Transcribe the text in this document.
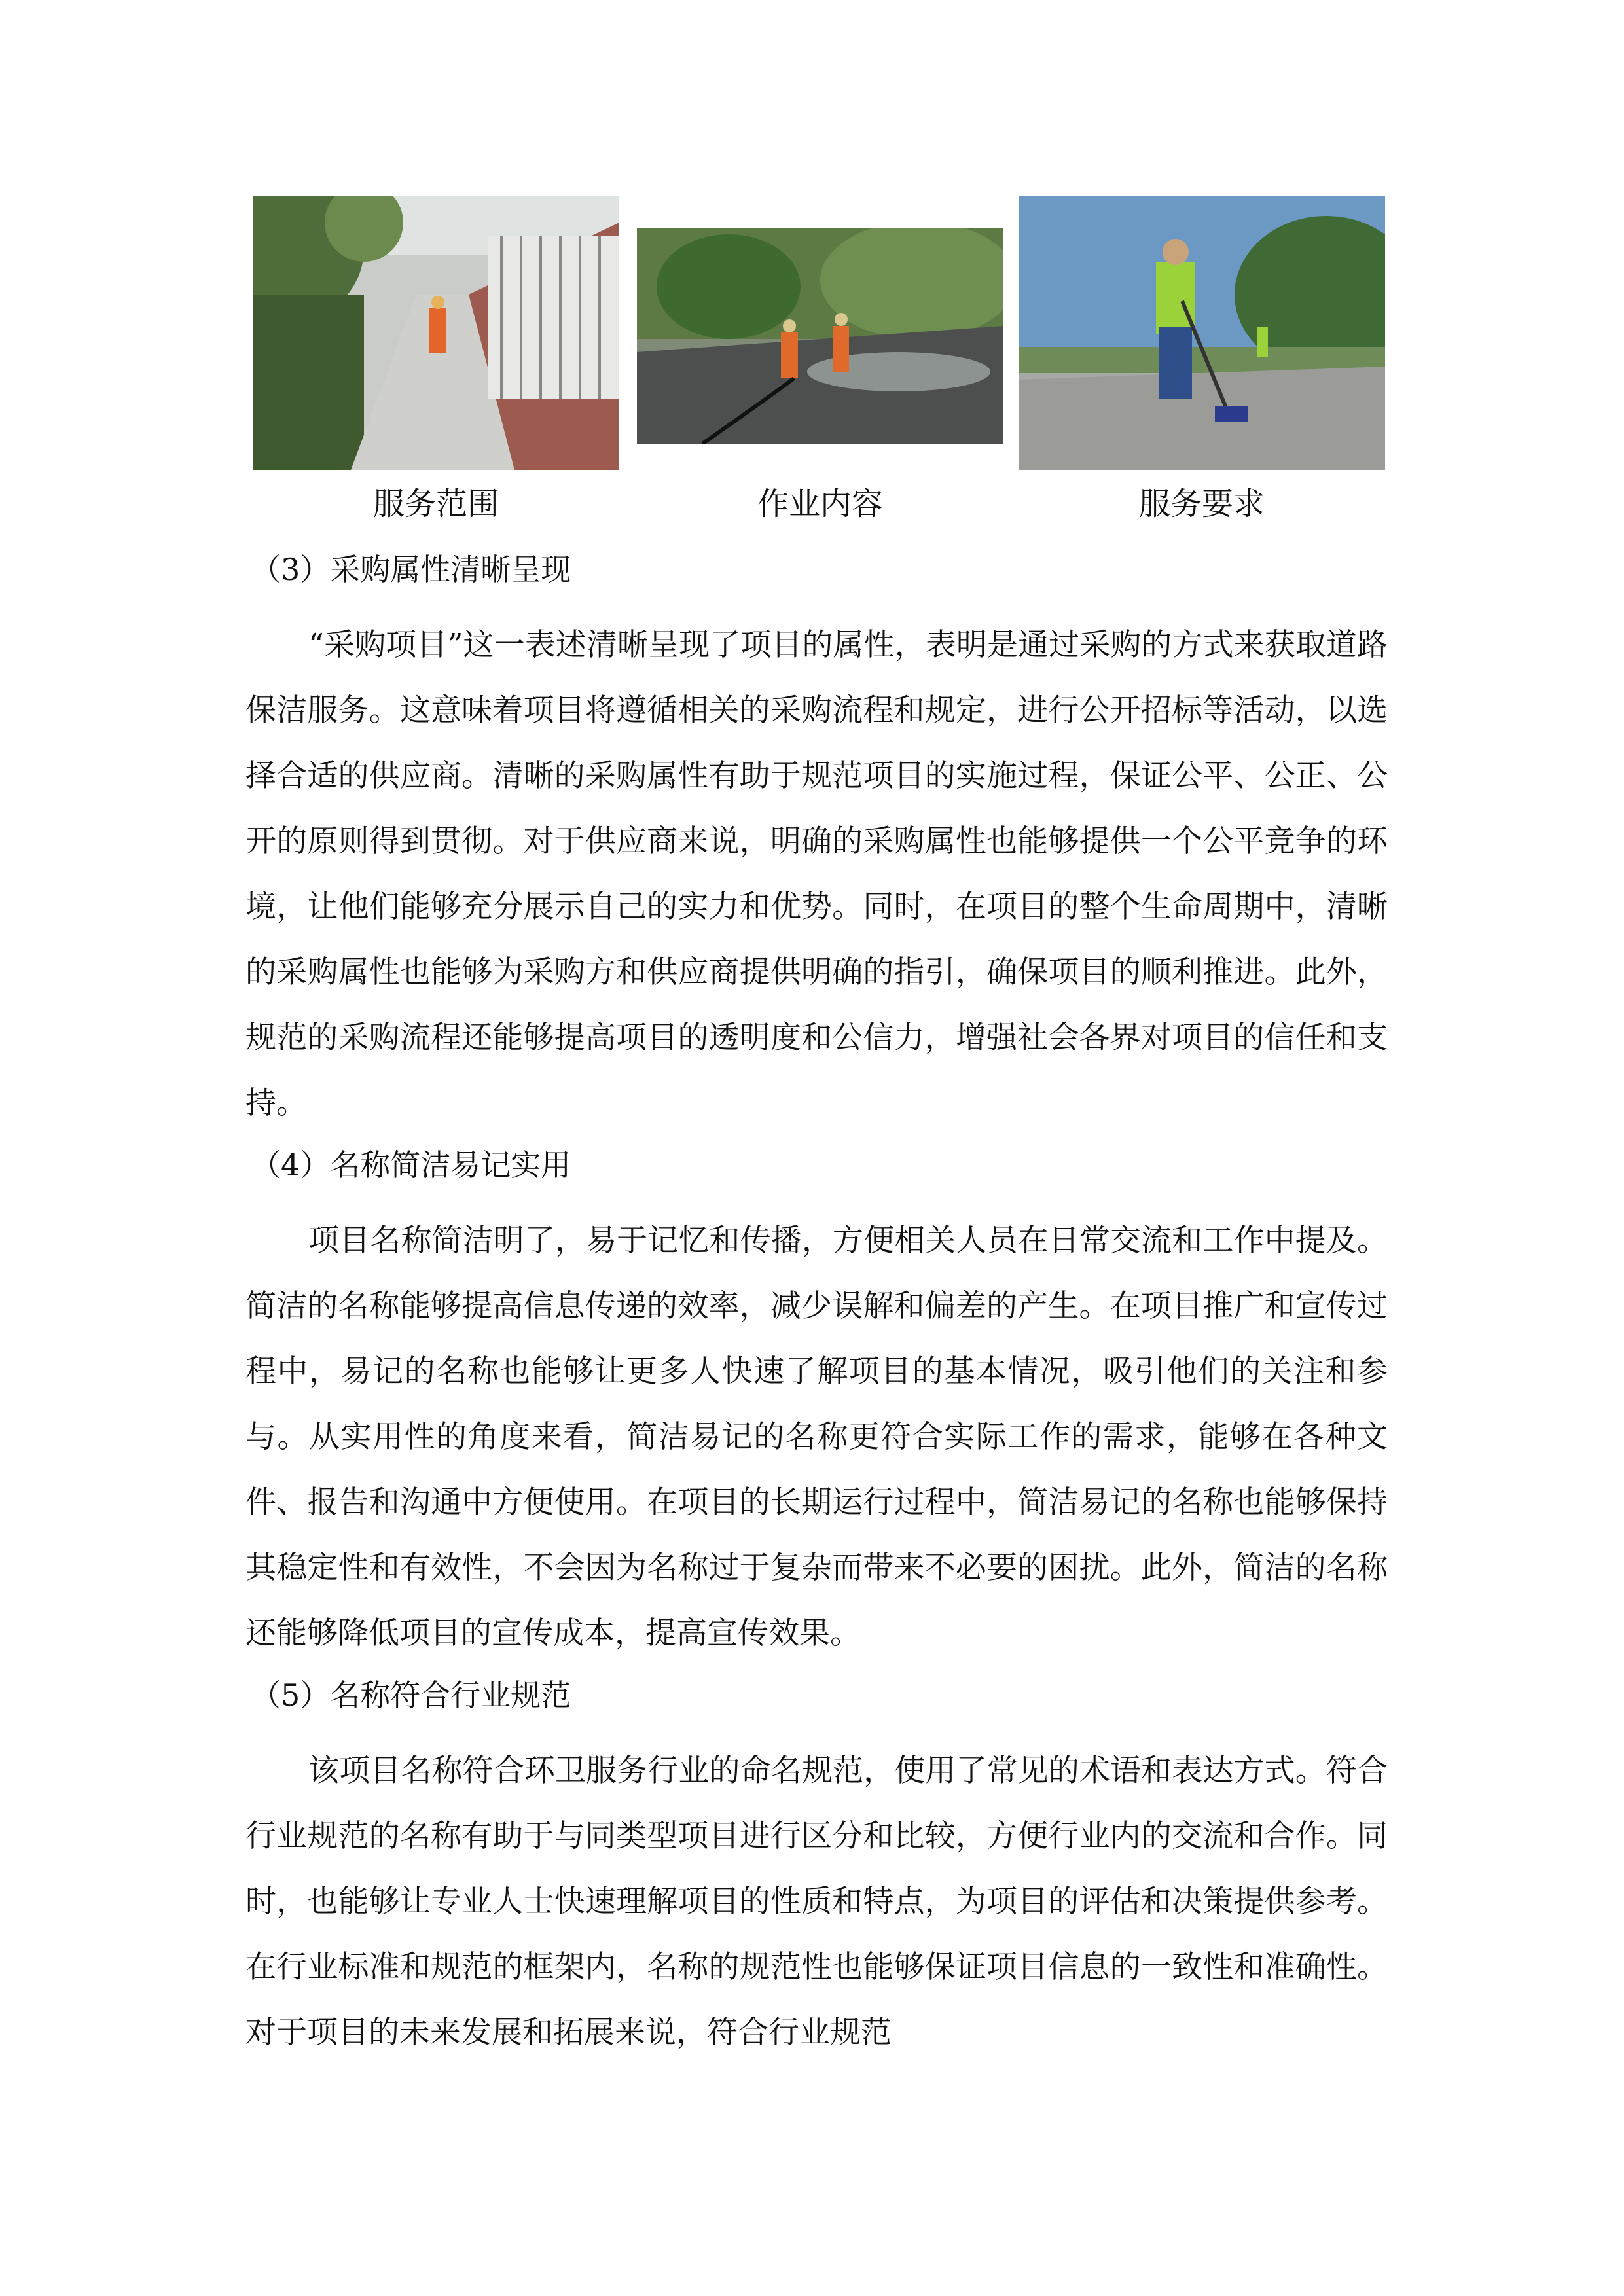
服务范围	作业内容	服务要求
（3）采购属性清晰呈现

“采购项目”这一表述清晰呈现了项目的属性，表明是通过采购的方式来获取道路保洁服务。这意味着项目将遵循相关的采购流程和规定，进行公开招标等活动，以选择合适的供应商。清晰的采购属性有助于规范项目的实施过程，保证公平、公正、公开的原则得到贯彻。对于供应商来说，明确的采购属性也能够提供一个公平竞争的环境，让他们能够充分展示自己的实力和优势。同时，在项目的整个生命周期中，清晰的采购属性也能够为采购方和供应商提供明确的指引，确保项目的顺利推进。此外，规范的采购流程还能够提高项目的透明度和公信力，增强社会各界对项目的信任和支持。

（4）名称简洁易记实用

项目名称简洁明了，易于记忆和传播，方便相关人员在日常交流和工作中提及。简洁的名称能够提高信息传递的效率，减少误解和偏差的产生。在项目推广和宣传过程中，易记的名称也能够让更多人快速了解项目的基本情况，吸引他们的关注和参与。从实用性的角度来看，简洁易记的名称更符合实际工作的需求，能够在各种文件、报告和沟通中方便使用。在项目的长期运行过程中，简洁易记的名称也能够保持其稳定性和有效性，不会因为名称过于复杂而带来不必要的困扰。此外，简洁的名称还能够降低项目的宣传成本，提高宣传效果。

（5）名称符合行业规范

该项目名称符合环卫服务行业的命名规范，使用了常见的术语和表达方式。符合行业规范的名称有助于与同类型项目进行区分和比较，方便行业内的交流和合作。同时，也能够让专业人士快速理解项目的性质和特点，为项目的评估和决策提供参考。在行业标准和规范的框架内，名称的规范性也能够保证项目信息的一致性和准确性。对于项目的未来发展和拓展来说，符合行业规范
